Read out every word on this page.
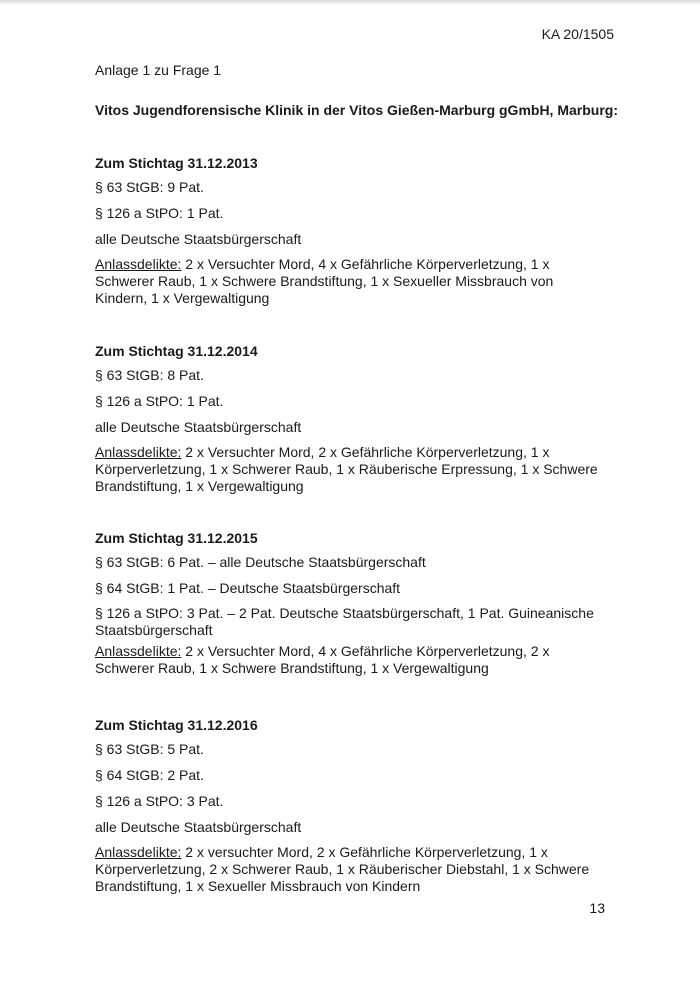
KA 20/1505
Anlage 1 zu Frage 1
Vitos Jugendforensische Klinik in der Vitos Gießen-Marburg gGmbH, Marburg:
Zum Stichtag 31.12.2013
§ 63 StGB: 9 Pat.
§ 126 a StPO: 1 Pat.
alle Deutsche Staatsbürgerschaft
Anlassdelikte: 2 x Versuchter Mord, 4 x Gefährliche Körperverletzung, 1 x Schwerer Raub, 1 x Schwere Brandstiftung, 1 x Sexueller Missbrauch von Kindern, 1 x Vergewaltigung
Zum Stichtag 31.12.2014
§ 63 StGB: 8 Pat.
§ 126 a StPO: 1 Pat.
alle Deutsche Staatsbürgerschaft
Anlassdelikte: 2 x Versuchter Mord, 2 x Gefährliche Körperverletzung, 1 x Körperverletzung, 1 x Schwerer Raub, 1 x Räuberische Erpressung, 1 x Schwere Brandstiftung, 1 x Vergewaltigung
Zum Stichtag 31.12.2015
§ 63 StGB: 6 Pat. – alle Deutsche Staatsbürgerschaft
§ 64 StGB: 1 Pat. – Deutsche Staatsbürgerschaft
§ 126 a StPO: 3 Pat. – 2 Pat. Deutsche Staatsbürgerschaft, 1 Pat. Guineanische Staatsbürgerschaft
Anlassdelikte: 2 x Versuchter Mord, 4 x Gefährliche Körperverletzung, 2 x Schwerer Raub, 1 x Schwere Brandstiftung, 1 x Vergewaltigung
Zum Stichtag 31.12.2016
§ 63 StGB: 5 Pat.
§ 64 StGB: 2 Pat.
§ 126 a StPO: 3 Pat.
alle Deutsche Staatsbürgerschaft
Anlassdelikte: 2 x versuchter Mord, 2 x Gefährliche Körperverletzung, 1 x Körperverletzung, 2 x Schwerer Raub, 1 x Räuberischer Diebstahl, 1 x Schwere Brandstiftung, 1 x Sexueller Missbrauch von Kindern
13
